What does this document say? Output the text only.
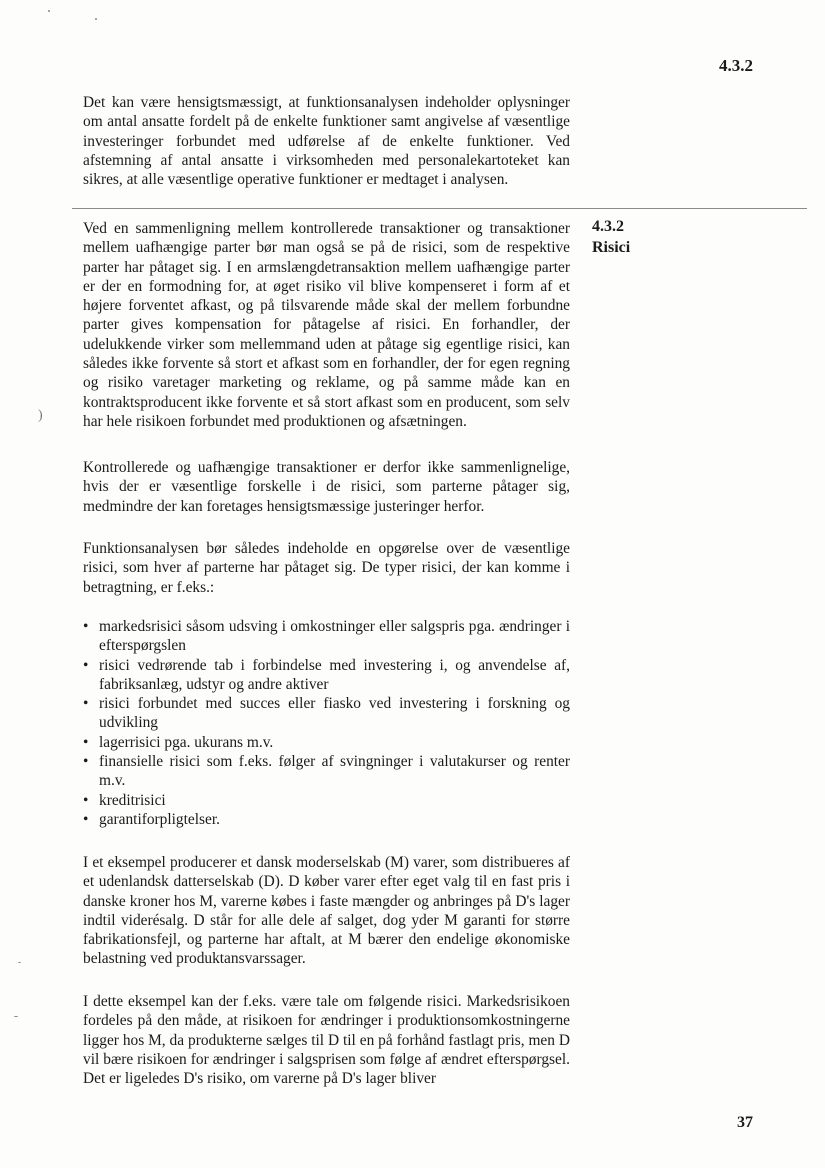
4.3.2

Det kan være hensigtsmæssigt, at funktionsanalysen indeholder oplysninger om antal ansatte fordelt på de enkelte funktioner samt angivelse af væsentlige investeringer forbundet med udførelse af de enkelte funktioner. Ved afstemning af antal ansatte i virksomheden med personalekartoteket kan sikres, at alle væsentlige operative funktioner er medtaget i analysen.

4.3.2
Risici

Ved en sammenligning mellem kontrollerede transaktioner og transaktioner mellem uafhængige parter bør man også se på de risici, som de respektive parter har påtaget sig. I en armslængdetransaktion mellem uafhængige parter er der en formodning for, at øget risiko vil blive kompenseret i form af et højere forventet afkast, og på tilsvarende måde skal der mellem forbundne parter gives kompensation for påtagelse af risici. En forhandler, der udelukkende virker som mellemmand uden at påtage sig egentlige risici, kan således ikke forvente så stort et afkast som en forhandler, der for egen regning og risiko varetager marketing og reklame, og på samme måde kan en kontraktsproducent ikke forvente et så stort afkast som en producent, som selv har hele risikoen forbundet med produktionen og afsætningen.

Kontrollerede og uafhængige transaktioner er derfor ikke sammenlignelige, hvis der er væsentlige forskelle i de risici, som parterne påtager sig, medmindre der kan foretages hensigtsmæssige justeringer herfor.

Funktionsanalysen bør således indeholde en opgørelse over de væsentlige risici, som hver af parterne har påtaget sig. De typer risici, der kan komme i betragtning, er f.eks.:

• markedsrisici såsom udsving i omkostninger eller salgspris pga. ændringer i efterspørgslen
• risici vedrørende tab i forbindelse med investering i, og anvendelse af, fabriksanlæg, udstyr og andre aktiver
• risici forbundet med succes eller fiasko ved investering i forskning og udvikling
• lagerrisici pga. ukurans m.v.
• finansielle risici som f.eks. følger af svingninger i valutakurser og renter m.v.
• kreditrisici
• garantiforpligtelser.

I et eksempel producerer et dansk moderselskab (M) varer, som distribueres af et udenlandsk datterselskab (D). D køber varer efter eget valg til en fast pris i danske kroner hos M, varerne købes i faste mængder og anbringes på D's lager indtil viderésalg. D står for alle dele af salget, dog yder M garanti for større fabrikationsfejl, og parterne har aftalt, at M bærer den endelige økonomiske belastning ved produktansvarssager.

I dette eksempel kan der f.eks. være tale om følgende risici. Markedsrisikoen fordeles på den måde, at risikoen for ændringer i produktionsomkostningerne ligger hos M, da produkterne sælges til D til en på forhånd fastlagt pris, men D vil bære risikoen for ændringer i salgsprisen som følge af ændret efterspørgsel. Det er ligeledes D's risiko, om varerne på D's lager bliver

37
)
